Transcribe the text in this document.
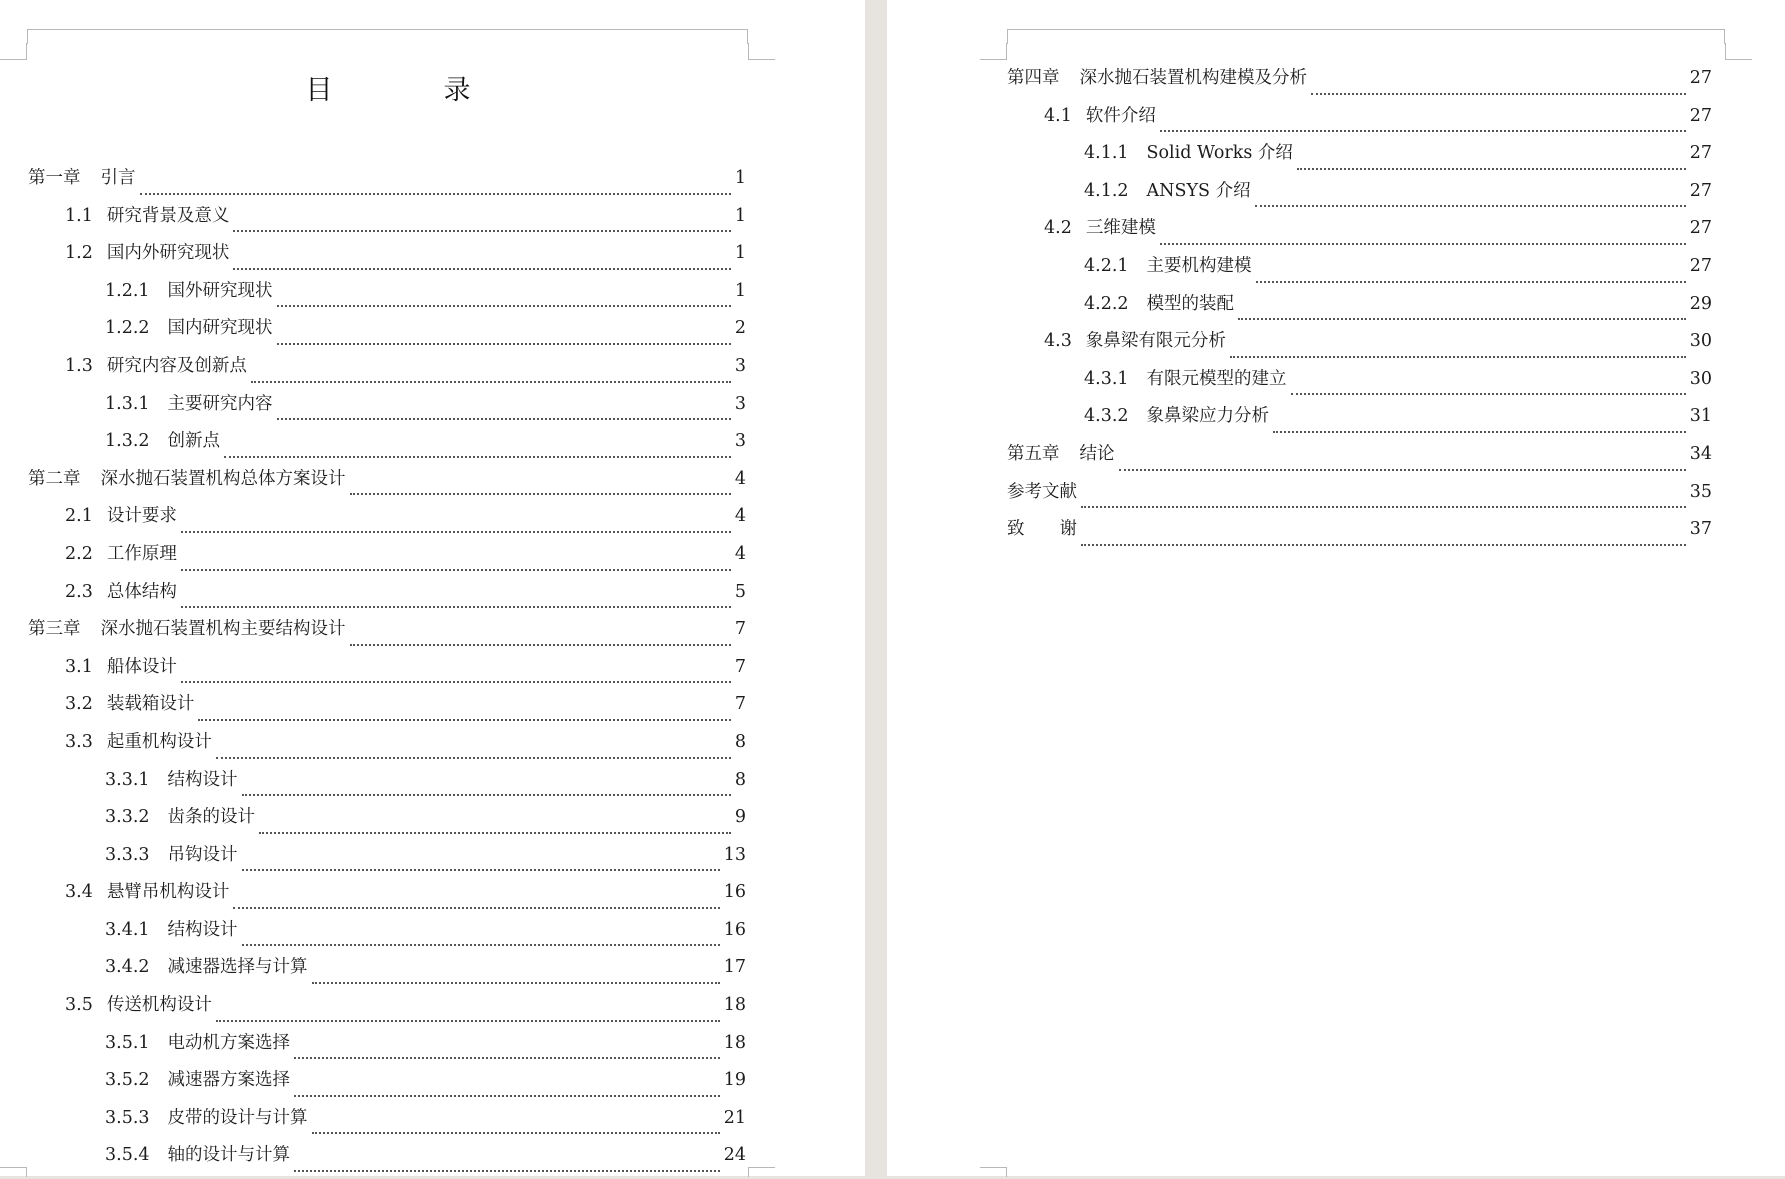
目　录
第一章 引言	1
1.1 研究背景及意义	1
1.2 国内外研究现状	1
1.2.1 国外研究现状	1
1.2.2 国内研究现状	2
1.3 研究内容及创新点	3
1.3.1 主要研究内容	3
1.3.2 创新点	3
第二章 深水抛石装置机构总体方案设计	4
2.1 设计要求	4
2.2 工作原理	4
2.3 总体结构	5
第三章 深水抛石装置机构主要结构设计	7
3.1 船体设计	7
3.2 装载箱设计	7
3.3 起重机构设计	8
3.3.1 结构设计	8
3.3.2 齿条的设计	9
3.3.3 吊钩设计	13
3.4 悬臂吊机构设计	16
3.4.1 结构设计	16
3.4.2 减速器选择与计算	17
3.5 传送机构设计	18
3.5.1 电动机方案选择	18
3.5.2 减速器方案选择	19
3.5.3 皮带的设计与计算	21
3.5.4 轴的设计与计算	24
第四章 深水抛石装置机构建模及分析	27
4.1 软件介绍	27
4.1.1 Solid Works 介绍	27
4.1.2 ANSYS 介绍	27
4.2 三维建模	27
4.2.1 主要机构建模	27
4.2.2 模型的装配	29
4.3 象鼻梁有限元分析	30
4.3.1 有限元模型的建立	30
4.3.2 象鼻梁应力分析	31
第五章 结论	34
参考文献	35
致　　谢	37
